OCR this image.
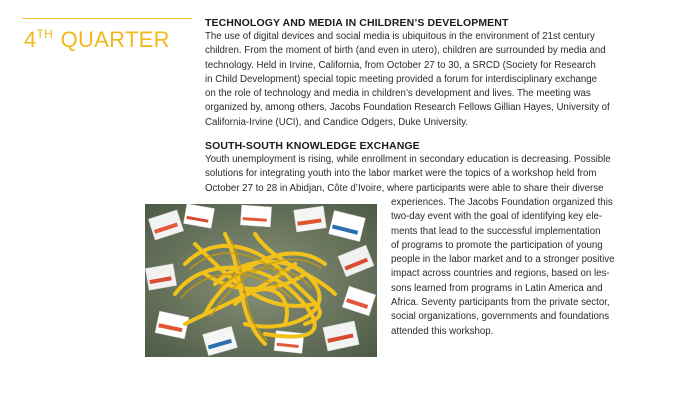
4TH QUARTER
TECHNOLOGY AND MEDIA IN CHILDREN’S DEVELOPMENT

The use of digital devices and social media is ubiquitous in the environment of 21st century
children. From the moment of birth (and even in utero), children are surrounded by media and
technology. Held in Irvine, California, from October 27 to 30, a SRCD (Society for Research
in Child Development) special topic meeting provided a forum for interdisciplinary exchange
on the role of technology and media in children’s development and lives. The meeting was
organized by, among others, Jacobs Foundation Research Fellows Gillian Hayes, University of
California-Irvine (UCI), and Candice Odgers, Duke University.

SOUTH-SOUTH KNOWLEDGE EXCHANGE

Youth unemployment is rising, while enrollment in secondary education is decreasing. Possible
solutions for integrating youth into the labor market were the topics of a workshop held from
October 27 to 28 in Abidjan, Côte d’Ivoire, where participants were able to share their diverse

experiences. The Jacobs Foundation organized this
two-day event with the goal of identifying key ele-
ments that lead to the successful implementation
of programs to promote the participation of young
people in the labor market and to a stronger positive
impact across countries and regions, based on les-
sons learned from programs in Latin America and
Africa. Seventy participants from the private sector,
social organizations, governments and foundations
attended this workshop.
